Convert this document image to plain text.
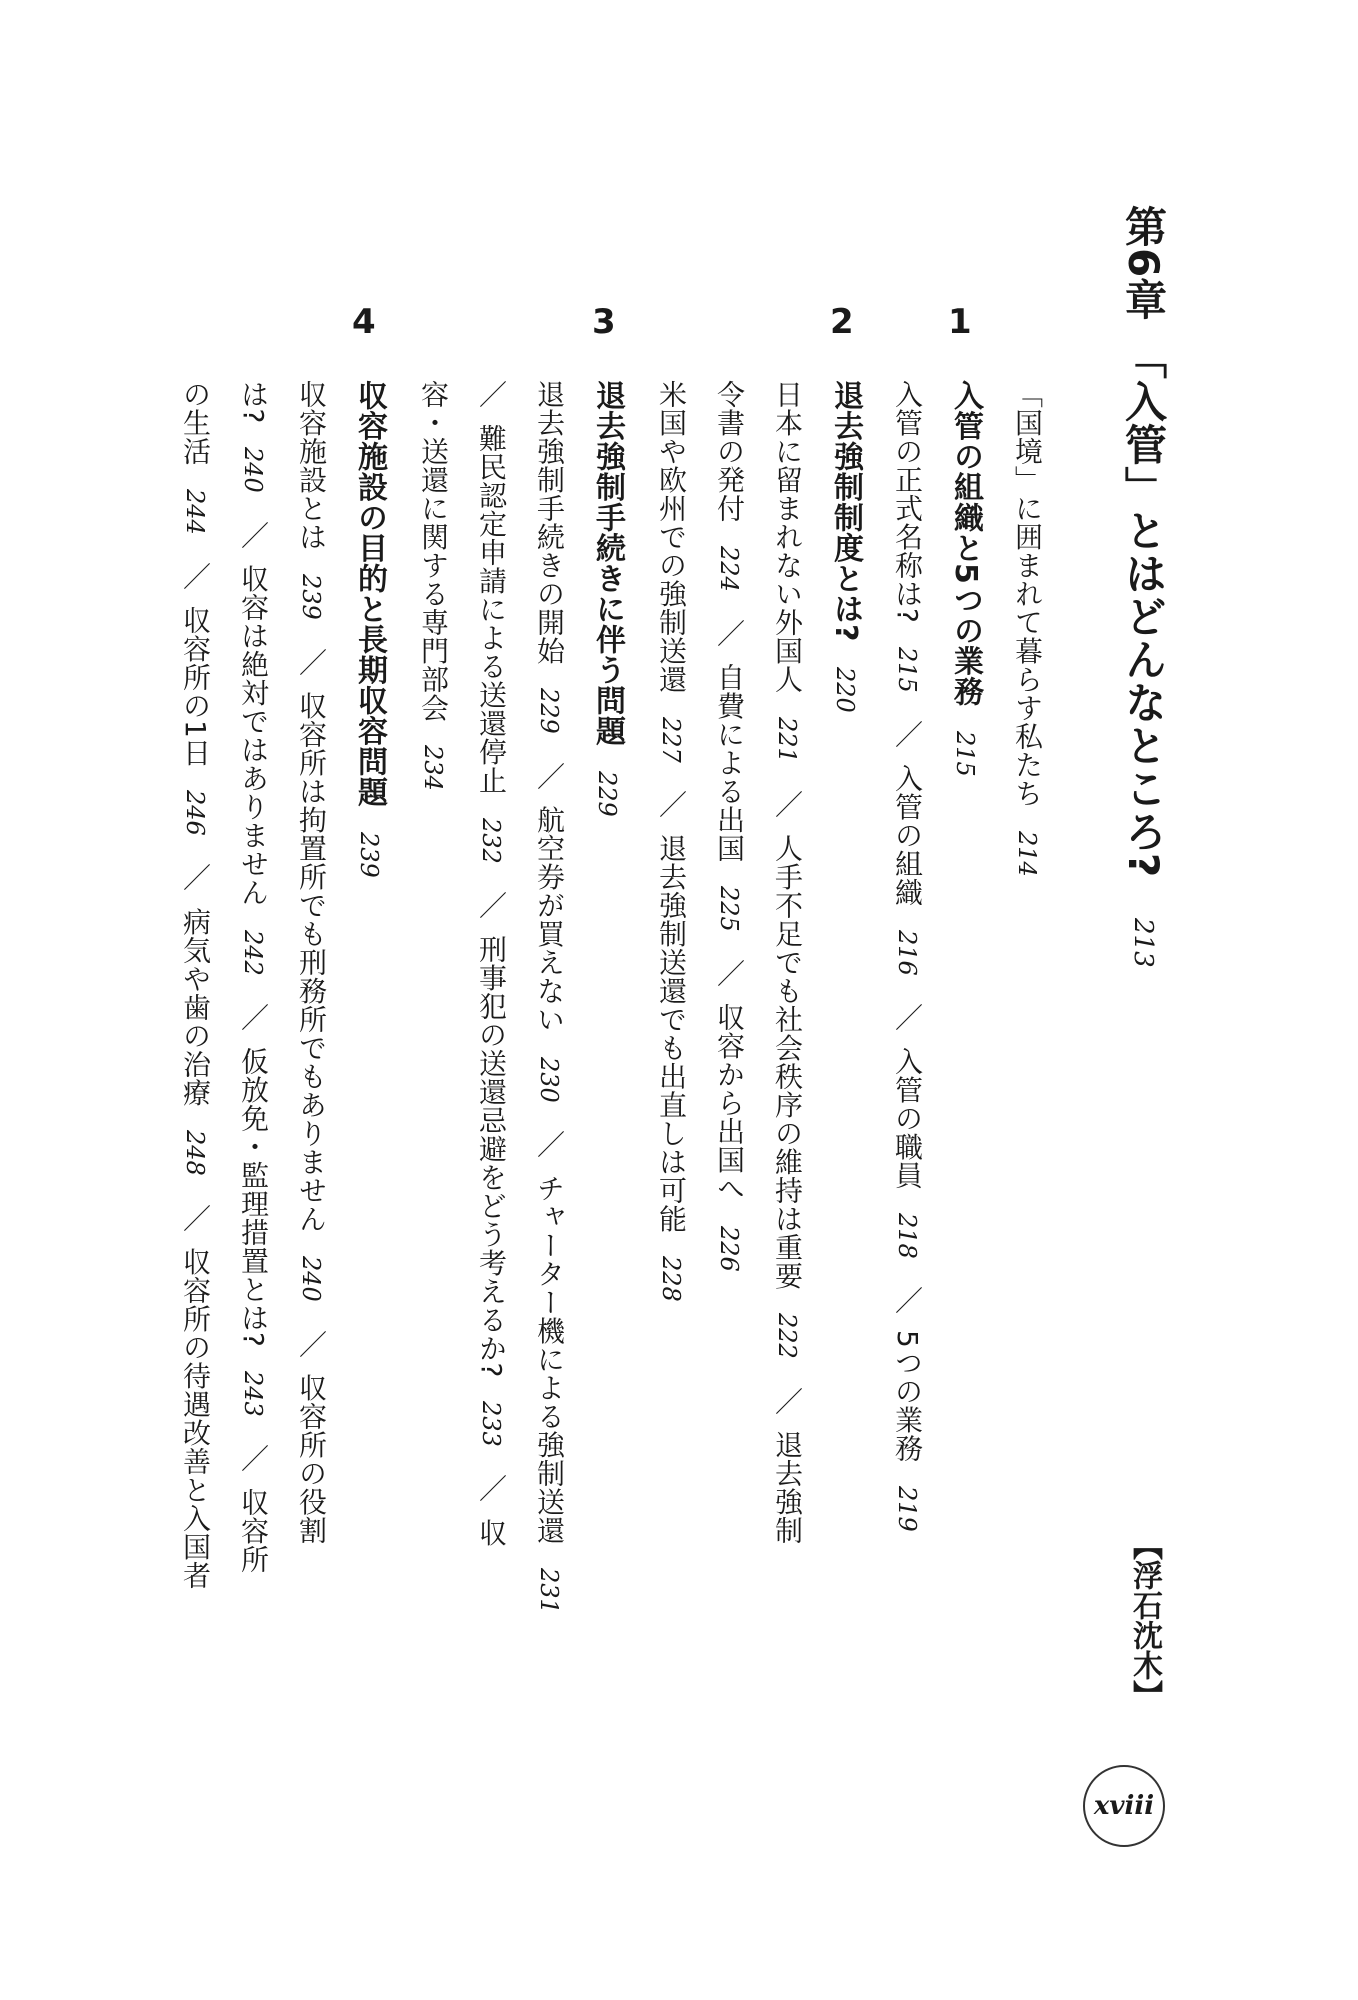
第6章 「入管」とはどんなところ? 213
【浮石沈木】
1
2
3
4
「国境」に囲まれて暮らす私たち 214
入管の組織と5つの業務 215
入管の正式名称は? 215 ／ 入管の組織 216 ／ 入管の職員 218 ／ 5つの業務 219
退去強制制度とは? 220
日本に留まれない外国人 221 ／ 人手不足でも社会秩序の維持は重要 222 ／ 退去強制
令書の発付 224 ／ 自費による出国 225 ／ 収容から出国へ 226
米国や欧州での強制送還 227 ／ 退去強制送還でも出直しは可能 228
退去強制手続きに伴う問題 229
退去強制手続きの開始 229 ／ 航空券が買えない 230 ／ チャーター機による強制送還 231
／ 難民認定申請による送還停止 232 ／ 刑事犯の送還忌避をどう考えるか? 233 ／ 収
容・送還に関する専門部会 234
収容施設の目的と長期収容問題 239
収容施設とは 239 ／ 収容所は拘置所でも刑務所でもありません 240 ／ 収容所の役割
は? 240 ／ 収容は絶対ではありません 242 ／ 仮放免・監理措置とは? 243 ／ 収容所
の生活 244 ／ 収容所の1日 246 ／ 病気や歯の治療 248 ／ 収容所の待遇改善と入国者
xviii
